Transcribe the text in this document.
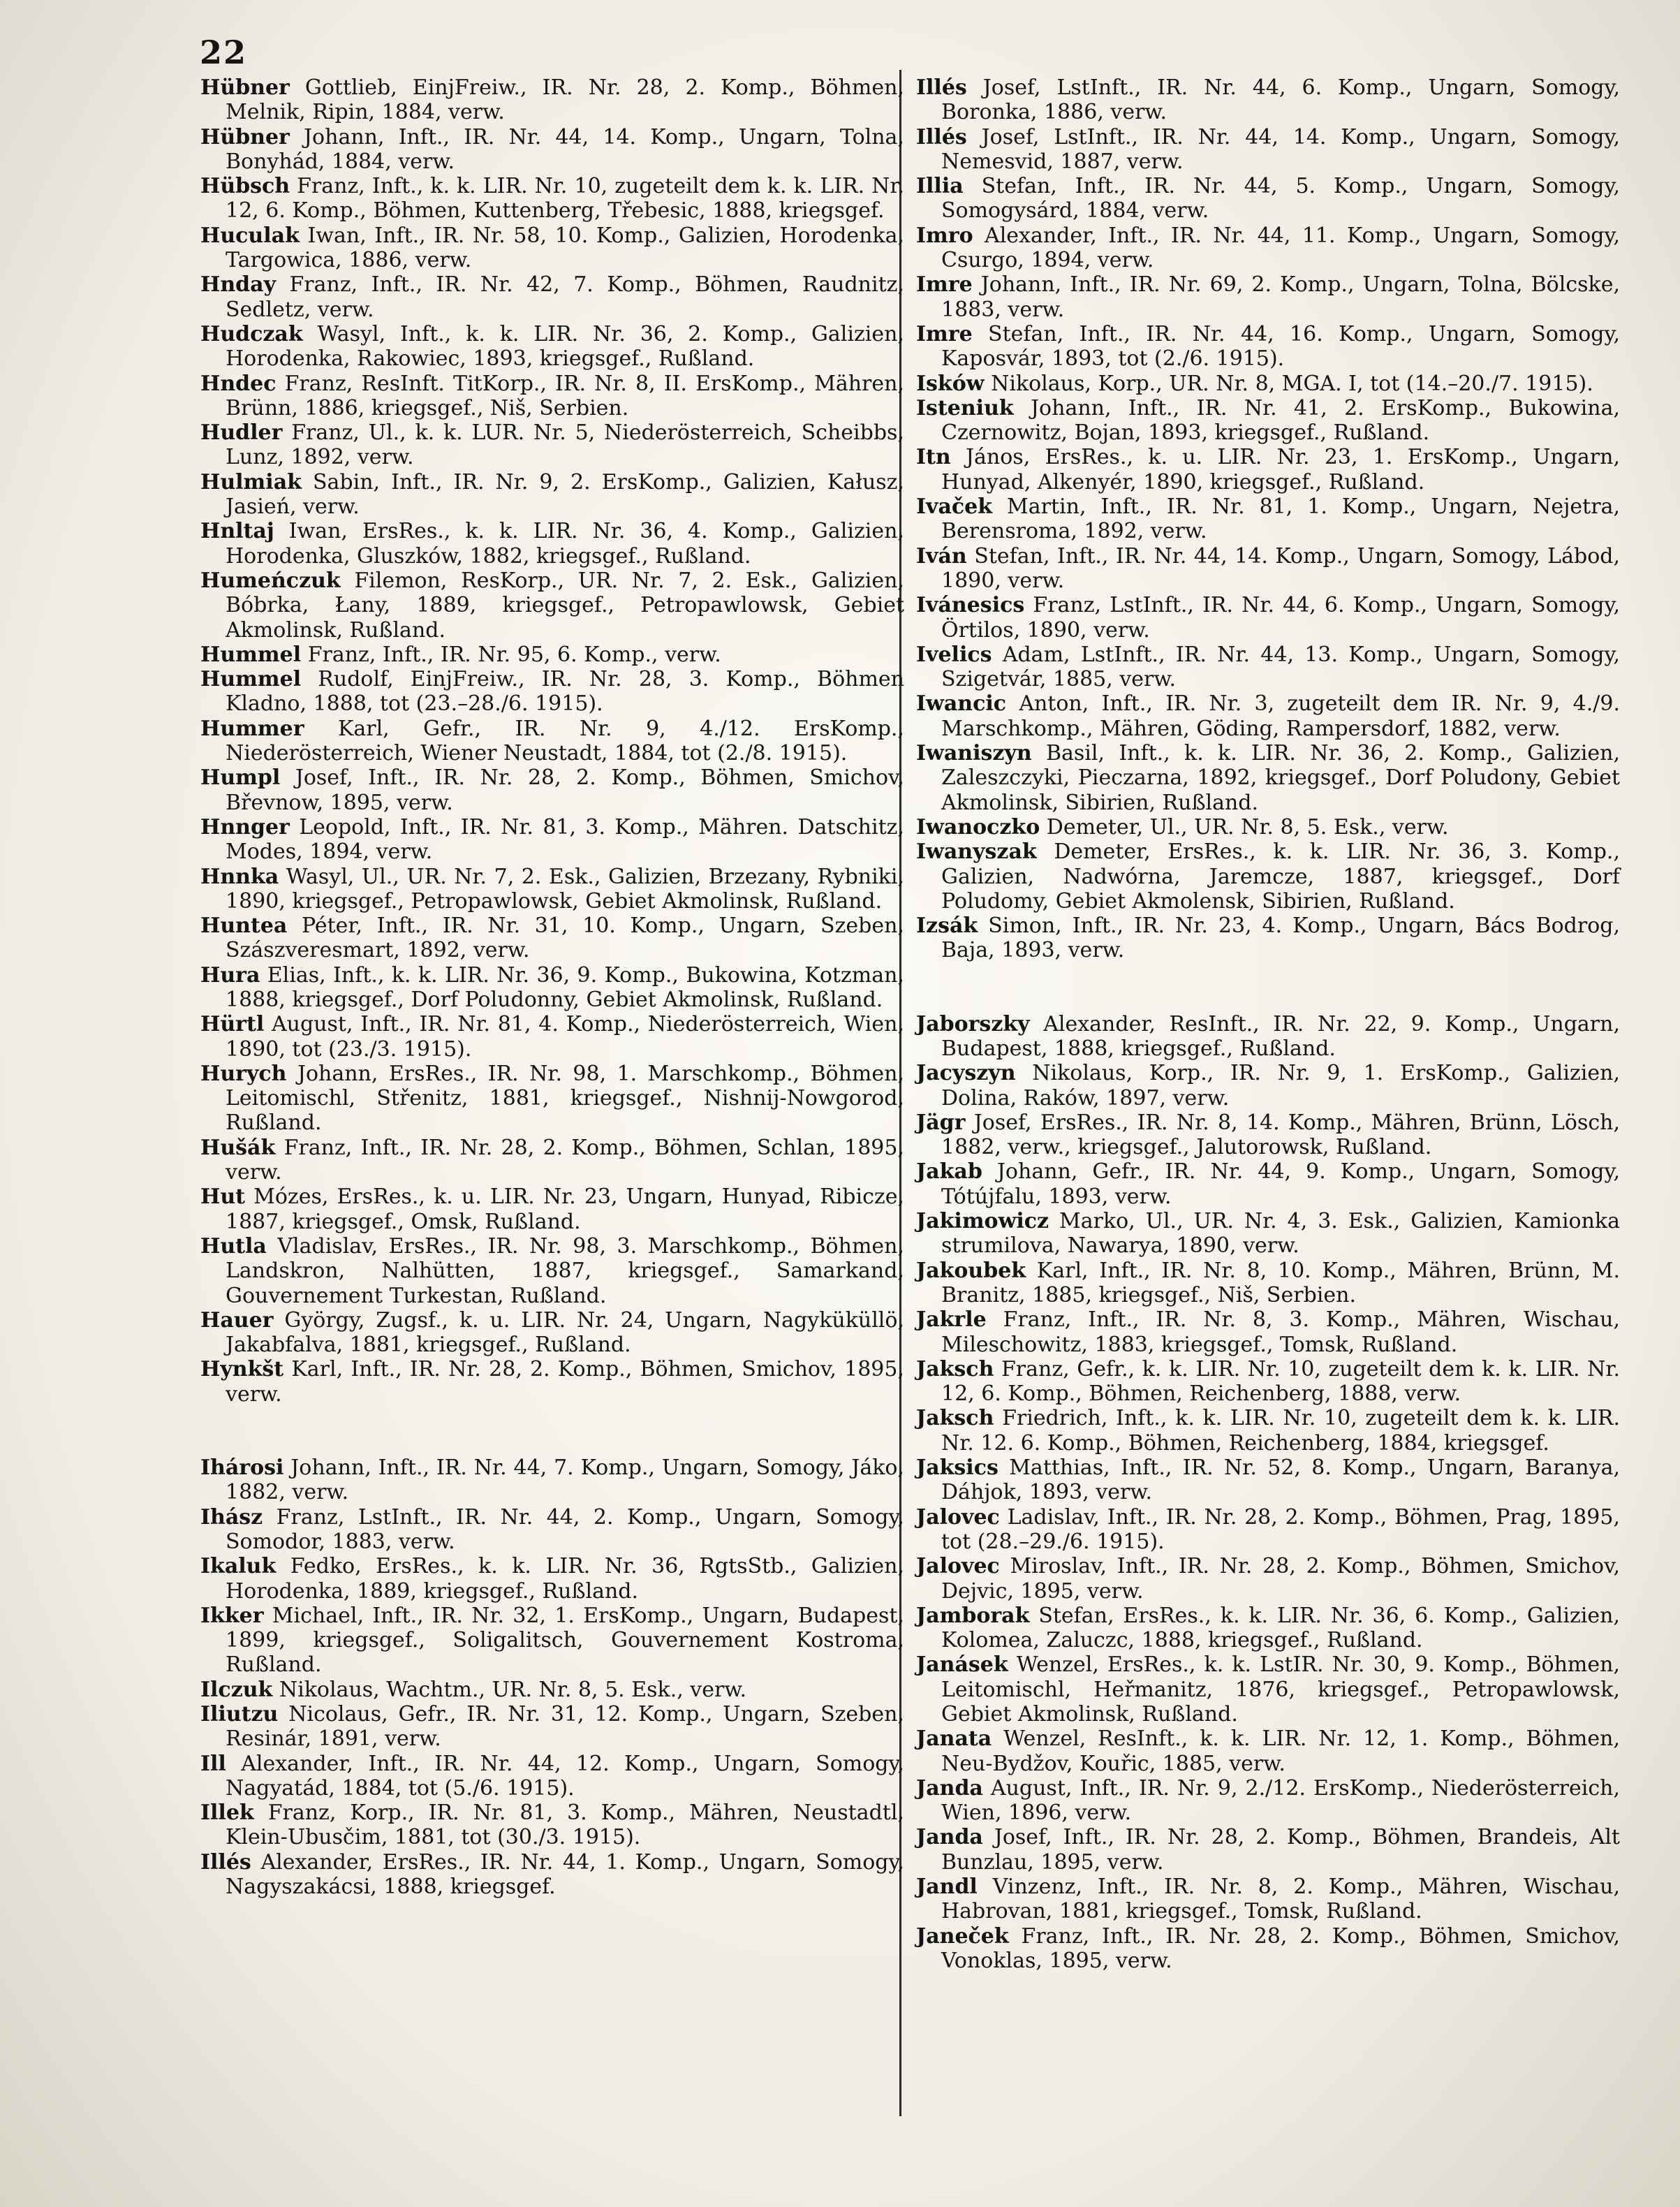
22

Hübner Gottlieb, EinjFreiw., IR. Nr. 28, 2. Komp., Böhmen, Melnik, Ripin, 1884, verw.

Hübner Johann, Inft., IR. Nr. 44, 14. Komp., Ungarn, Tolna, Bonyhád, 1884, verw.

Hübsch Franz, Inft., k. k. LIR. Nr. 10, zugeteilt dem k. k. LIR. Nr. 12, 6. Komp., Böhmen, Kuttenberg, Třebesic, 1888, kriegsgef.

Huculak Iwan, Inft., IR. Nr. 58, 10. Komp., Galizien, Horodenka, Targowica, 1886, verw.

Hnday Franz, Inft., IR. Nr. 42, 7. Komp., Böhmen, Raudnitz, Sedletz, verw.

Hudczak Wasyl, Inft., k. k. LIR. Nr. 36, 2. Komp., Galizien, Horodenka, Rakowiec, 1893, kriegsgef., Rußland.

Hndec Franz, ResInft. TitKorp., IR. Nr. 8, II. ErsKomp., Mähren, Brünn, 1886, kriegsgef., Niš, Serbien.

Hudler Franz, Ul., k. k. LUR. Nr. 5, Niederösterreich, Scheibbs, Lunz, 1892, verw.

Hulmiak Sabin, Inft., IR. Nr. 9, 2. ErsKomp., Galizien, Kałusz, Jasień, verw.

Hnltaj Iwan, ErsRes., k. k. LIR. Nr. 36, 4. Komp., Galizien, Horodenka, Gluszków, 1882, kriegsgef., Rußland.

Humeńczuk Filemon, ResKorp., UR. Nr. 7, 2. Esk., Galizien, Bóbrka, Łany, 1889, kriegsgef., Petropawlowsk, Gebiet Akmolinsk, Rußland.

Hummel Franz, Inft., IR. Nr. 95, 6. Komp., verw.

Hummel Rudolf, EinjFreiw., IR. Nr. 28, 3. Komp., Böhmen Kladno, 1888, tot (23.–28./6. 1915).

Hummer Karl, Gefr., IR. Nr. 9, 4./12. ErsKomp., Niederösterreich, Wiener Neustadt, 1884, tot (2./8. 1915).

Humpl Josef, Inft., IR. Nr. 28, 2. Komp., Böhmen, Smichov, Břevnow, 1895, verw.

Hnnger Leopold, Inft., IR. Nr. 81, 3. Komp., Mähren. Datschitz, Modes, 1894, verw.

Hnnka Wasyl, Ul., UR. Nr. 7, 2. Esk., Galizien, Brzezany, Rybniki, 1890, kriegsgef., Petropawlowsk, Gebiet Akmolinsk, Rußland.

Huntea Péter, Inft., IR. Nr. 31, 10. Komp., Ungarn, Szeben, Szászveresmart, 1892, verw.

Hura Elias, Inft., k. k. LIR. Nr. 36, 9. Komp., Bukowina, Kotzman, 1888, kriegsgef., Dorf Poludonny, Gebiet Akmolinsk, Rußland.

Hürtl August, Inft., IR. Nr. 81, 4. Komp., Niederösterreich, Wien, 1890, tot (23./3. 1915).

Hurych Johann, ErsRes., IR. Nr. 98, 1. Marschkomp., Böhmen, Leitomischl, Střenitz, 1881, kriegsgef., Nishnij-Nowgorod, Rußland.

Hušák Franz, Inft., IR. Nr. 28, 2. Komp., Böhmen, Schlan, 1895, verw.

Hut Mózes, ErsRes., k. u. LIR. Nr. 23, Ungarn, Hunyad, Ribicze, 1887, kriegsgef., Omsk, Rußland.

Hutla Vladislav, ErsRes., IR. Nr. 98, 3. Marschkomp., Böhmen, Landskron, Nalhütten, 1887, kriegsgef., Samarkand, Gouvernement Turkestan, Rußland.

Hauer György, Zugsf., k. u. LIR. Nr. 24, Ungarn, Nagyküküllö, Jakabfalva, 1881, kriegsgef., Rußland.

Hynkšt Karl, Inft., IR. Nr. 28, 2. Komp., Böhmen, Smichov, 1895, verw.

Ihárosi Johann, Inft., IR. Nr. 44, 7. Komp., Ungarn, Somogy, Jáko, 1882, verw.

Ihász Franz, LstInft., IR. Nr. 44, 2. Komp., Ungarn, Somogy, Somodor, 1883, verw.

Ikaluk Fedko, ErsRes., k. k. LIR. Nr. 36, RgtsStb., Galizien, Horodenka, 1889, kriegsgef., Rußland.

Ikker Michael, Inft., IR. Nr. 32, 1. ErsKomp., Ungarn, Budapest, 1899, kriegsgef., Soligalitsch, Gouvernement Kostroma, Rußland.

Ilczuk Nikolaus, Wachtm., UR. Nr. 8, 5. Esk., verw.

Iliutzu Nicolaus, Gefr., IR. Nr. 31, 12. Komp., Ungarn, Szeben, Resinár, 1891, verw.

Ill Alexander, Inft., IR. Nr. 44, 12. Komp., Ungarn, Somogy, Nagyatád, 1884, tot (5./6. 1915).

Illek Franz, Korp., IR. Nr. 81, 3. Komp., Mähren, Neustadtl, Klein-Ubusčim, 1881, tot (30./3. 1915).

Illés Alexander, ErsRes., IR. Nr. 44, 1. Komp., Ungarn, Somogy, Nagyszakácsi, 1888, kriegsgef.

Illés Josef, LstInft., IR. Nr. 44, 6. Komp., Ungarn, Somogy, Boronka, 1886, verw.

Illés Josef, LstInft., IR. Nr. 44, 14. Komp., Ungarn, Somogy, Nemesvid, 1887, verw.

Illia Stefan, Inft., IR. Nr. 44, 5. Komp., Ungarn, Somogy, Somogysárd, 1884, verw.

Imro Alexander, Inft., IR. Nr. 44, 11. Komp., Ungarn, Somogy, Csurgo, 1894, verw.

Imre Johann, Inft., IR. Nr. 69, 2. Komp., Ungarn, Tolna, Bölcske, 1883, verw.

Imre Stefan, Inft., IR. Nr. 44, 16. Komp., Ungarn, Somogy, Kaposvár, 1893, tot (2./6. 1915).

Isków Nikolaus, Korp., UR. Nr. 8, MGA. I, tot (14.–20./7. 1915).

Isteniuk Johann, Inft., IR. Nr. 41, 2. ErsKomp., Bukowina, Czernowitz, Bojan, 1893, kriegsgef., Rußland.

Itn János, ErsRes., k. u. LIR. Nr. 23, 1. ErsKomp., Ungarn, Hunyad, Alkenyér, 1890, kriegsgef., Rußland.

Ivaček Martin, Inft., IR. Nr. 81, 1. Komp., Ungarn, Nejetra, Berensroma, 1892, verw.

Iván Stefan, Inft., IR. Nr. 44, 14. Komp., Ungarn, Somogy, Lábod, 1890, verw.

Ivánesics Franz, LstInft., IR. Nr. 44, 6. Komp., Ungarn, Somogy, Örtilos, 1890, verw.

Ivelics Adam, LstInft., IR. Nr. 44, 13. Komp., Ungarn, Somogy, Szigetvár, 1885, verw.

Iwancic Anton, Inft., IR. Nr. 3, zugeteilt dem IR. Nr. 9, 4./9. Marschkomp., Mähren, Göding, Rampersdorf, 1882, verw.

Iwaniszyn Basil, Inft., k. k. LIR. Nr. 36, 2. Komp., Galizien, Zaleszczyki, Pieczarna, 1892, kriegsgef., Dorf Poludony, Gebiet Akmolinsk, Sibirien, Rußland.

Iwanoczko Demeter, Ul., UR. Nr. 8, 5. Esk., verw.

Iwanyszak Demeter, ErsRes., k. k. LIR. Nr. 36, 3. Komp., Galizien, Nadwórna, Jaremcze, 1887, kriegsgef., Dorf Poludomy, Gebiet Akmolensk, Sibirien, Rußland.

Izsák Simon, Inft., IR. Nr. 23, 4. Komp., Ungarn, Bács Bodrog, Baja, 1893, verw.

Jaborszky Alexander, ResInft., IR. Nr. 22, 9. Komp., Ungarn, Budapest, 1888, kriegsgef., Rußland.

Jacyszyn Nikolaus, Korp., IR. Nr. 9, 1. ErsKomp., Galizien, Dolina, Raków, 1897, verw.

Jägr Josef, ErsRes., IR. Nr. 8, 14. Komp., Mähren, Brünn, Lösch, 1882, verw., kriegsgef., Jalutorowsk, Rußland.

Jakab Johann, Gefr., IR. Nr. 44, 9. Komp., Ungarn, Somogy, Tótújfalu, 1893, verw.

Jakimowicz Marko, Ul., UR. Nr. 4, 3. Esk., Galizien, Kamionka strumilova, Nawarya, 1890, verw.

Jakoubek Karl, Inft., IR. Nr. 8, 10. Komp., Mähren, Brünn, M. Branitz, 1885, kriegsgef., Niš, Serbien.

Jakrle Franz, Inft., IR. Nr. 8, 3. Komp., Mähren, Wischau, Mileschowitz, 1883, kriegsgef., Tomsk, Rußland.

Jaksch Franz, Gefr., k. k. LIR. Nr. 10, zugeteilt dem k. k. LIR. Nr. 12, 6. Komp., Böhmen, Reichenberg, 1888, verw.

Jaksch Friedrich, Inft., k. k. LIR. Nr. 10, zugeteilt dem k. k. LIR. Nr. 12. 6. Komp., Böhmen, Reichenberg, 1884, kriegsgef.

Jaksics Matthias, Inft., IR. Nr. 52, 8. Komp., Ungarn, Baranya, Dáhjok, 1893, verw.

Jalovec Ladislav, Inft., IR. Nr. 28, 2. Komp., Böhmen, Prag, 1895, tot (28.–29./6. 1915).

Jalovec Miroslav, Inft., IR. Nr. 28, 2. Komp., Böhmen, Smichov, Dejvic, 1895, verw.

Jamborak Stefan, ErsRes., k. k. LIR. Nr. 36, 6. Komp., Galizien, Kolomea, Zaluczc, 1888, kriegsgef., Rußland.

Janásek Wenzel, ErsRes., k. k. LstIR. Nr. 30, 9. Komp., Böhmen, Leitomischl, Heřmanitz, 1876, kriegsgef., Petropawlowsk, Gebiet Akmolinsk, Rußland.

Janata Wenzel, ResInft., k. k. LIR. Nr. 12, 1. Komp., Böhmen, Neu-Bydžov, Kouřic, 1885, verw.

Janda August, Inft., IR. Nr. 9, 2./12. ErsKomp., Niederösterreich, Wien, 1896, verw.

Janda Josef, Inft., IR. Nr. 28, 2. Komp., Böhmen, Brandeis, Alt Bunzlau, 1895, verw.

Jandl Vinzenz, Inft., IR. Nr. 8, 2. Komp., Mähren, Wischau, Habrovan, 1881, kriegsgef., Tomsk, Rußland.

Janeček Franz, Inft., IR. Nr. 28, 2. Komp., Böhmen, Smichov, Vonoklas, 1895, verw.
